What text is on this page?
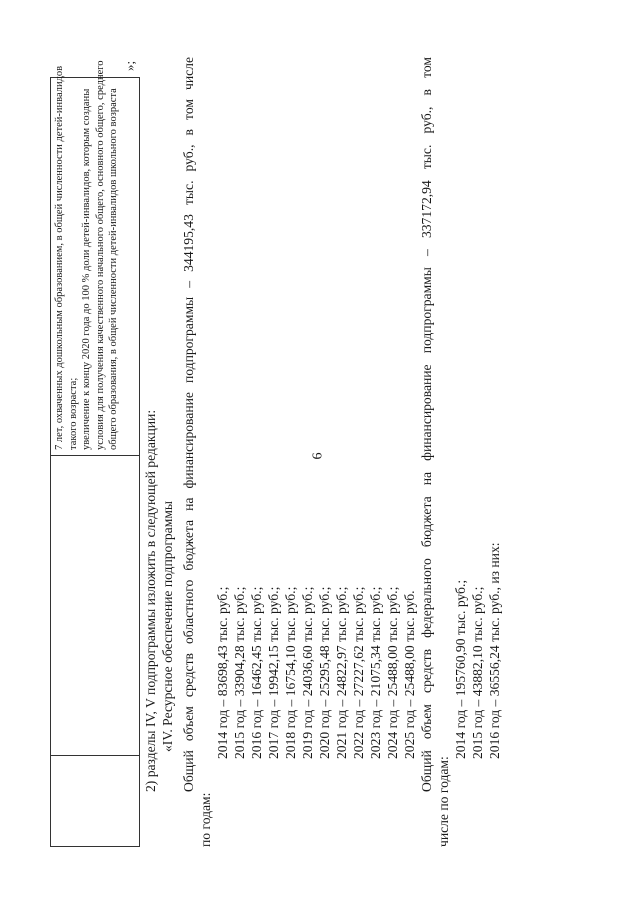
6
7 лет, охваченных дошкольным образованием, в общей численности детей-инвалидов такого возраста; увеличение к концу 2020 года до 100 % доли детей-инвалидов, которым созданы условия для получения качественного начального общего, основного общего, среднего общего образования, в общей численности детей-инвалидов школьного возраста
»;
2) разделы IV, V подпрограммы изложить в следующей редакции: «IV. Ресурсное обеспечение подпрограммы Общий объем средств областного бюджета на финансирование подпрограммы – 344195,43 тыс. руб., в том числе
по годам:
2014 год – 83698,43 тыс. руб.; 2015 год – 33904,28 тыс. руб.; 2016 год – 16462,45 тыс. руб.; 2017 год – 19942,15 тыс. руб.; 2018 год – 16754,10 тыс. руб.; 2019 год – 24036,60 тыс. руб.; 2020 год – 25295,48 тыс. руб.; 2021 год – 24822,97 тыс. руб.; 2022 год – 27227,62 тыс. руб.; 2023 год – 21075,34 тыс. руб.; 2024 год – 25488,00 тыс. руб.; 2025 год – 25488,00 тыс. руб. Общий объем средств федерального бюджета на финансирование подпрограммы – 337172,94 тыс. руб., в том
числе по годам:
2014 год – 195760,90 тыс. руб.; 2015 год – 43882,10 тыс. руб.; 2016 год – 36556,24 тыс. руб., из них:
